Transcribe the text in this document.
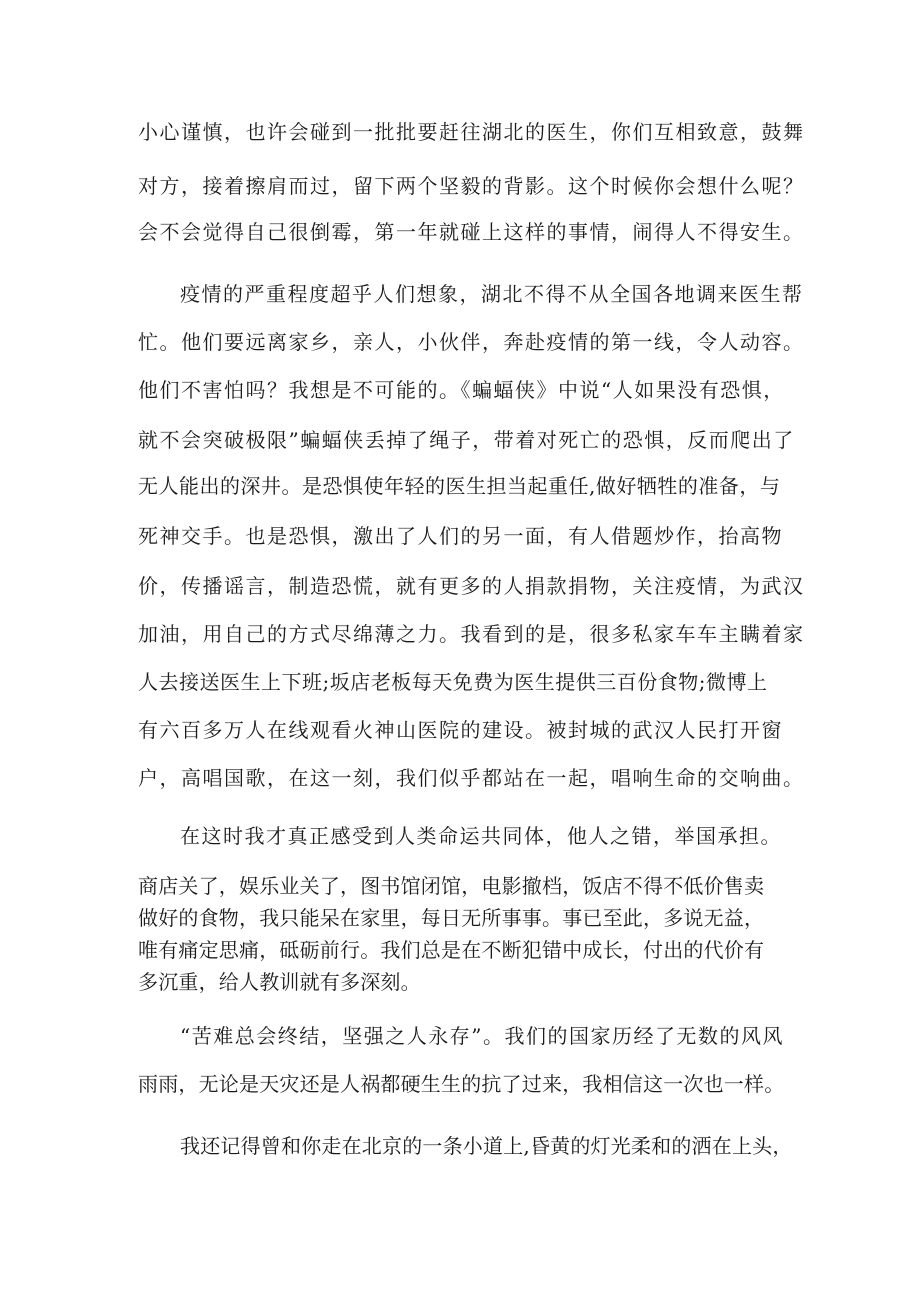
小心谨慎，也许会碰到一批批要赶往湖北的医生，你们互相致意，鼓舞
对方，接着擦肩而过，留下两个坚毅的背影。这个时候你会想什么呢？
会不会觉得自己很倒霉，第一年就碰上这样的事情，闹得人不得安生。
疫情的严重程度超乎人们想象，湖北不得不从全国各地调来医生帮
忙。他们要远离家乡，亲人，小伙伴，奔赴疫情的第一线，令人动容。
他们不害怕吗？我想是不可能的。《蝙蝠侠》中说“人如果没有恐惧，
就不会突破极限”蝙蝠侠丢掉了绳子，带着对死亡的恐惧，反而爬出了
无人能出的深井。是恐惧使年轻的医生担当起重任,做好牺牲的准备，与
死神交手。也是恐惧，激出了人们的另一面，有人借题炒作，抬高物
价，传播谣言，制造恐慌，就有更多的人捐款捐物，关注疫情，为武汉
加油，用自己的方式尽绵薄之力。我看到的是，很多私家车车主瞒着家
人去接送医生上下班;坂店老板每天免费为医生提供三百份食物;微博上
有六百多万人在线观看火神山医院的建设。被封城的武汉人民打开窗
户，高唱国歌，在这一刻，我们似乎都站在一起，唱响生命的交响曲。
在这时我才真正感受到人类命运共同体，他人之错，举国承担。
商店关了，娱乐业关了，图书馆闭馆，电影撤档，饭店不得不低价售卖
做好的食物，我只能呆在家里，每日无所事事。事已至此，多说无益，
唯有痛定思痛，砥砺前行。我们总是在不断犯错中成长，付出的代价有
多沉重，给人教训就有多深刻。
“苦难总会终结，坚强之人永存”。我们的国家历经了无数的风风
雨雨，无论是天灾还是人祸都硬生生的抗了过来，我相信这一次也一样。
我还记得曾和你走在北京的一条小道上,昏黄的灯光柔和的洒在上头，
